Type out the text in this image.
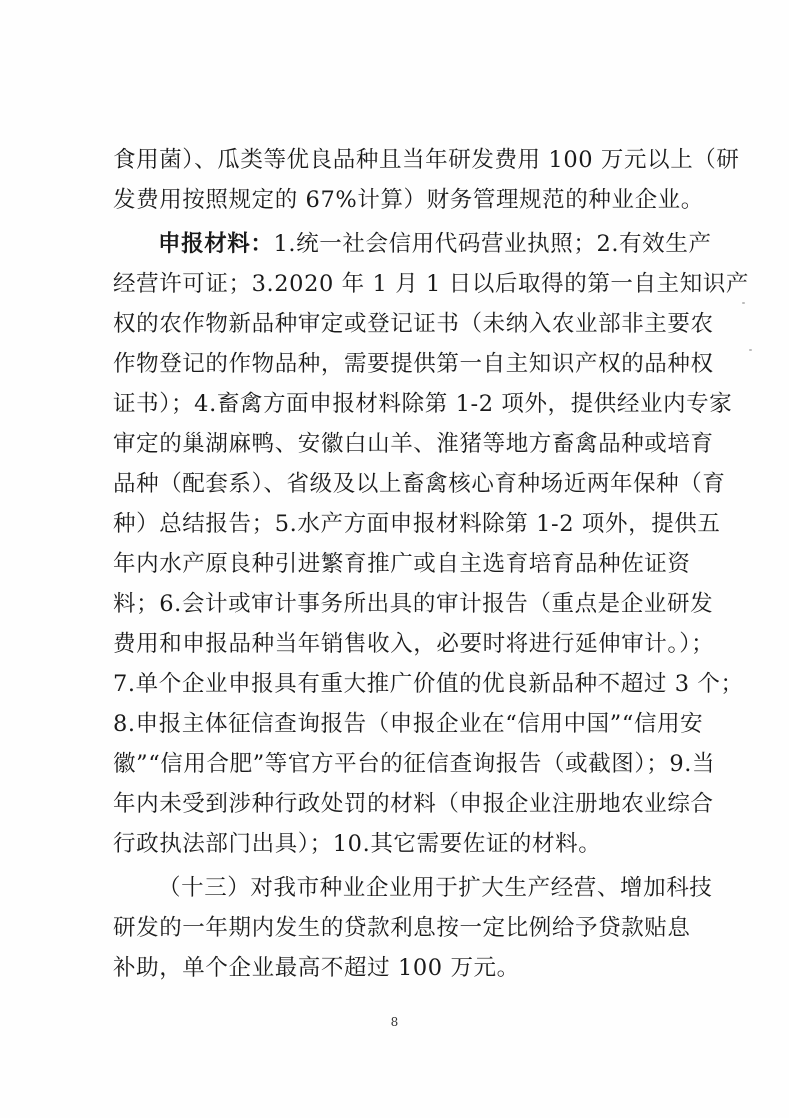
食用菌）、瓜类等优良品种且当年研发费用 100 万元以上（研
发费用按照规定的 67%计算）财务管理规范的种业企业。
申报材料：1.统一社会信用代码营业执照；2.有效生产
经营许可证；3.2020 年 1 月 1 日以后取得的第一自主知识产
权的农作物新品种审定或登记证书（未纳入农业部非主要农
作物登记的作物品种，需要提供第一自主知识产权的品种权
证书）；4.畜禽方面申报材料除第 1-2 项外，提供经业内专家
审定的巢湖麻鸭、安徽白山羊、淮猪等地方畜禽品种或培育
品种（配套系）、省级及以上畜禽核心育种场近两年保种（育
种）总结报告；5.水产方面申报材料除第 1-2 项外，提供五
年内水产原良种引进繁育推广或自主选育培育品种佐证资
料；6.会计或审计事务所出具的审计报告（重点是企业研发
费用和申报品种当年销售收入，必要时将进行延伸审计。）；
7.单个企业申报具有重大推广价值的优良新品种不超过 3 个；
8.申报主体征信查询报告（申报企业在“信用中国”“信用安
徽”“信用合肥”等官方平台的征信查询报告（或截图）；9.当
年内未受到涉种行政处罚的材料（申报企业注册地农业综合
行政执法部门出具）；10.其它需要佐证的材料。
（十三）对我市种业企业用于扩大生产经营、增加科技
研发的一年期内发生的贷款利息按一定比例给予贷款贴息
补助，单个企业最高不超过 100 万元。
8
